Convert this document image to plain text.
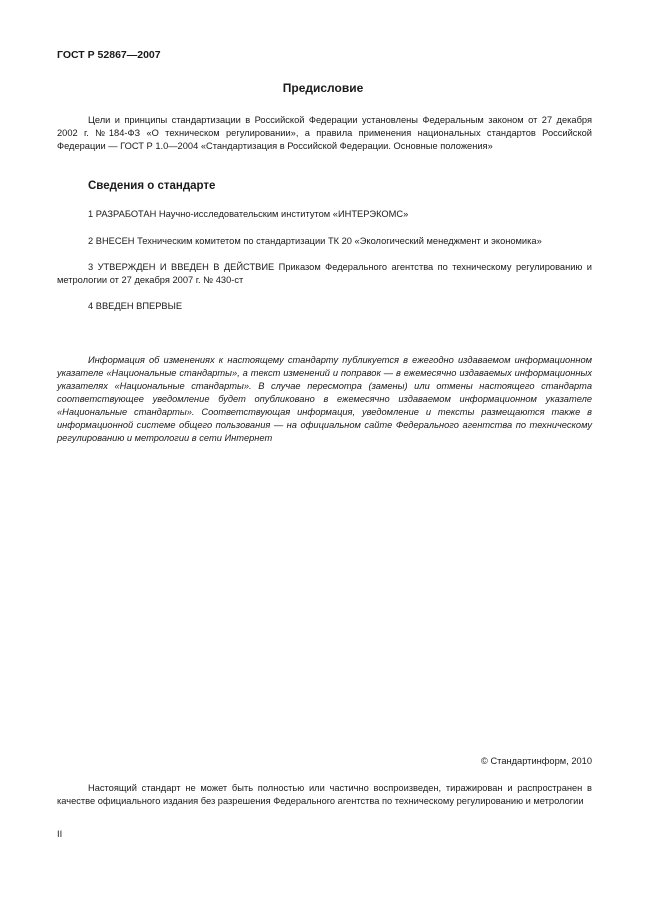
ГОСТ Р 52867—2007
Предисловие
Цели и принципы стандартизации в Российской Федерации установлены Федеральным законом от 27 декабря 2002 г. №184-ФЗ «О техническом регулировании», а правила применения национальных стандартов Российской Федерации — ГОСТ Р 1.0—2004 «Стандартизация в Российской Федерации. Основные положения»
Сведения о стандарте
1 РАЗРАБОТАН Научно-исследовательским институтом «ИНТЕРЭКОМС»
2 ВНЕСЕН Техническим комитетом по стандартизации ТК 20 «Экологический менеджмент и экономика»
3 УТВЕРЖДЕН И ВВЕДЕН В ДЕЙСТВИЕ Приказом Федерального агентства по техническому регулированию и метрологии от 27 декабря 2007 г. № 430-ст
4 ВВЕДЕН ВПЕРВЫЕ
Информация об изменениях к настоящему стандарту публикуется в ежегодно издаваемом информационном указателе «Национальные стандарты», а текст изменений и поправок — в ежемесячно издаваемых информационных указателях «Национальные стандарты». В случае пересмотра (замены) или отмены настоящего стандарта соответствующее уведомление будет опубликовано в ежемесячно издаваемом информационном указателе «Национальные стандарты». Соответствующая информация, уведомление и тексты размещаются также в информационной системе общего пользования — на официальном сайте Федерального агентства по техническому регулированию и метрологии в сети Интернет
© Стандартинформ, 2010
Настоящий стандарт не может быть полностью или частично воспроизведен, тиражирован и распространен в качестве официального издания без разрешения Федерального агентства по техническому регулированию и метрологии
II
